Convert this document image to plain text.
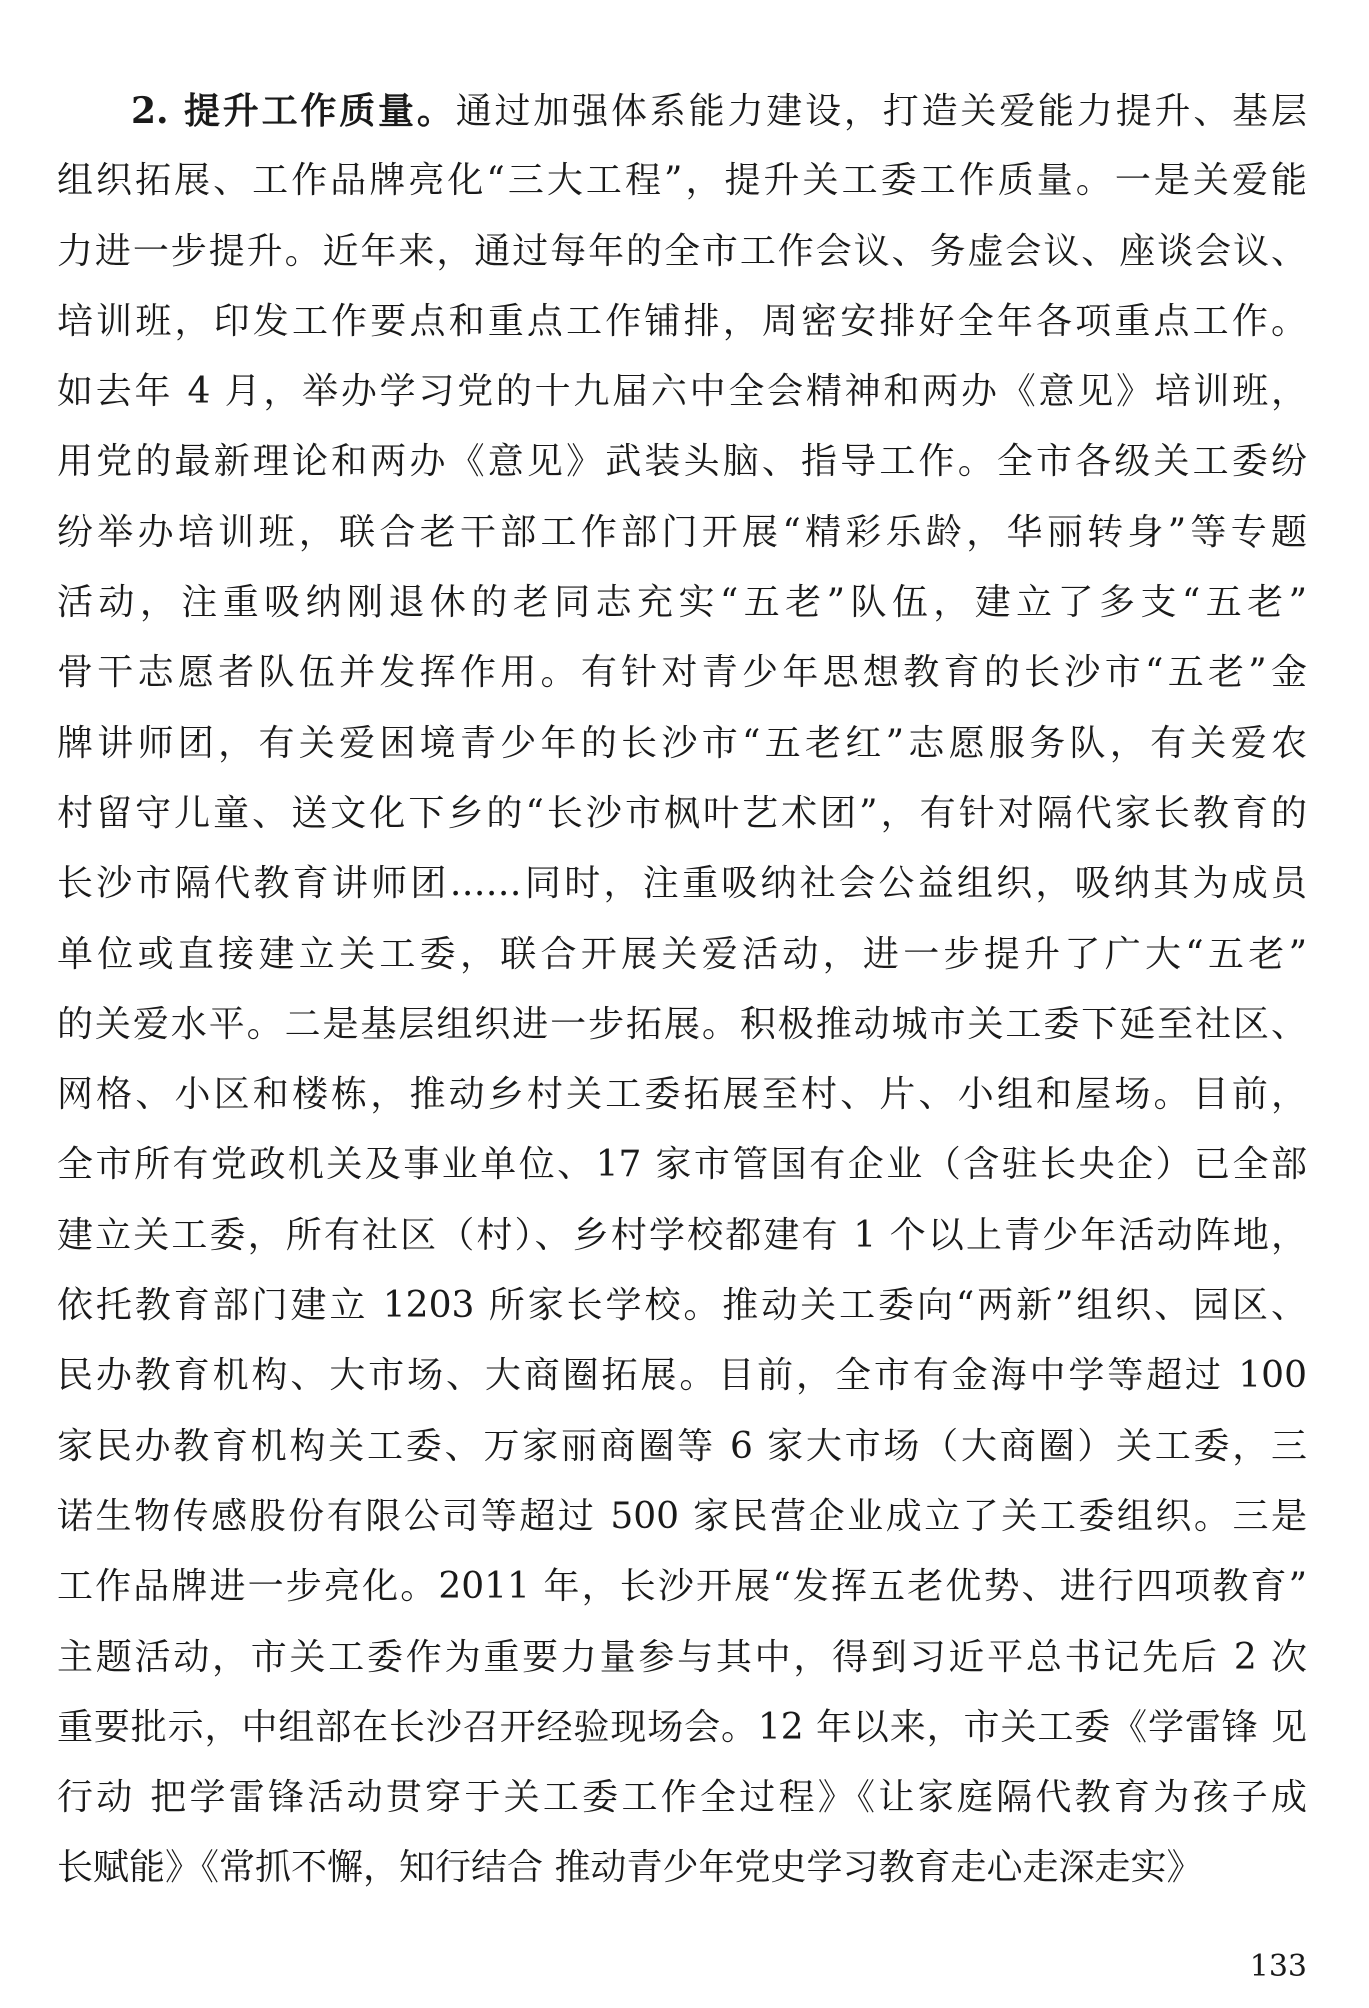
2. 提升工作质量。通过加强体系能力建设，打造关爱能力提升、基层
组织拓展、工作品牌亮化“三大工程”，提升关工委工作质量。一是关爱能
力进一步提升。近年来，通过每年的全市工作会议、务虚会议、座谈会议、
培训班，印发工作要点和重点工作铺排，周密安排好全年各项重点工作。
如去年 4 月，举办学习党的十九届六中全会精神和两办《意见》培训班，
用党的最新理论和两办《意见》武装头脑、指导工作。全市各级关工委纷
纷举办培训班，联合老干部工作部门开展“精彩乐龄，华丽转身”等专题
活动，注重吸纳刚退休的老同志充实“五老”队伍，建立了多支“五老”
骨干志愿者队伍并发挥作用。有针对青少年思想教育的长沙市“五老”金
牌讲师团，有关爱困境青少年的长沙市“五老红”志愿服务队，有关爱农
村留守儿童、送文化下乡的“长沙市枫叶艺术团”，有针对隔代家长教育的
长沙市隔代教育讲师团……同时，注重吸纳社会公益组织，吸纳其为成员
单位或直接建立关工委，联合开展关爱活动，进一步提升了广大“五老”
的关爱水平。二是基层组织进一步拓展。积极推动城市关工委下延至社区、
网格、小区和楼栋，推动乡村关工委拓展至村、片、小组和屋场。目前，
全市所有党政机关及事业单位、17 家市管国有企业（含驻长央企）已全部
建立关工委，所有社区（村）、乡村学校都建有 1 个以上青少年活动阵地，
依托教育部门建立 1203 所家长学校。推动关工委向“两新”组织、园区、
民办教育机构、大市场、大商圈拓展。目前，全市有金海中学等超过 100
家民办教育机构关工委、万家丽商圈等 6 家大市场（大商圈）关工委，三
诺生物传感股份有限公司等超过 500 家民营企业成立了关工委组织。三是
工作品牌进一步亮化。2011 年，长沙开展“发挥五老优势、进行四项教育”
主题活动，市关工委作为重要力量参与其中，得到习近平总书记先后 2 次
重要批示，中组部在长沙召开经验现场会。12 年以来，市关工委《学雷锋 见
行动 把学雷锋活动贯穿于关工委工作全过程》《让家庭隔代教育为孩子成
长赋能》《常抓不懈，知行结合 推动青少年党史学习教育走心走深走实》
133
